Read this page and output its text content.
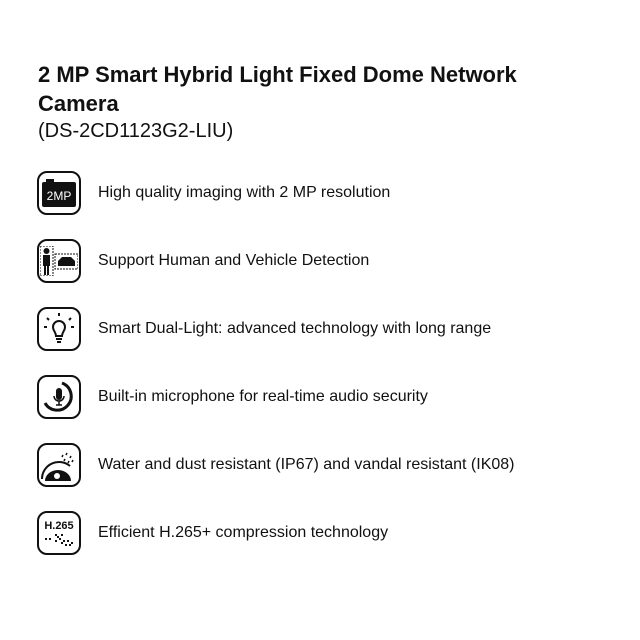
2 MP Smart Hybrid Light Fixed Dome Network Camera
(DS-2CD1123G2-LIU)
2MP High quality imaging with 2 MP resolution
Support Human and Vehicle Detection
Smart Dual-Light: advanced technology with long range
Built-in microphone for real-time audio security
Water and dust resistant (IP67) and vandal resistant (IK08)
H.265 Efficient H.265+ compression technology
